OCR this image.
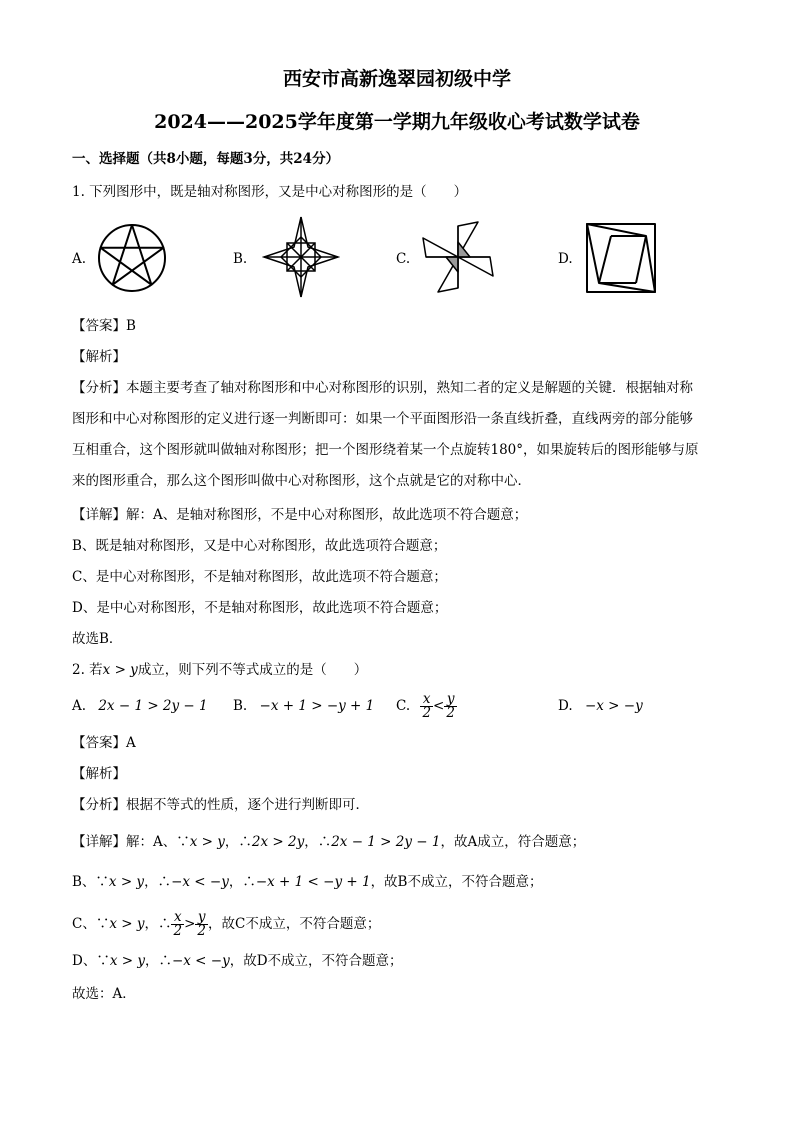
西安市高新逸翠园初级中学
2024——2025学年度第一学期九年级收心考试数学试卷
一、选择题（共8小题，每题3分，共24分）
1. 下列图形中，既是轴对称图形，又是中心对称图形的是（　　）
A.	B.	C.	D.
【答案】B
【解析】
【分析】本题主要考查了轴对称图形和中心对称图形的识别，熟知二者的定义是解题的关键．根据轴对称
图形和中心对称图形的定义进行逐一判断即可：如果一个平面图形沿一条直线折叠，直线两旁的部分能够
互相重合，这个图形就叫做轴对称图形；把一个图形绕着某一个点旋转180°，如果旋转后的图形能够与原
来的图形重合，那么这个图形叫做中心对称图形，这个点就是它的对称中心．
【详解】解：A、是轴对称图形，不是中心对称图形，故此选项不符合题意；
B、既是轴对称图形，又是中心对称图形，故此选项符合题意；
C、是中心对称图形，不是轴对称图形，故此选项不符合题意；
D、是中心对称图形，不是轴对称图形，故此选项不符合题意；
故选B．
2. 若x > y成立，则下列不等式成立的是（　　）
A. 2x − 1 > 2y − 1 B. −x + 1 > −y + 1 C. $\frac{x}{2} < \frac{y}{2}$	D. −x > −y
【答案】A
【解析】
【分析】根据不等式的性质，逐个进行判断即可．
【详解】解：A、∵x > y，∴2x > 2y，∴2x − 1 > 2y − 1，故A成立，符合题意；
B、∵x > y，∴−x < −y，∴−x + 1 < −y + 1，故B不成立，不符合题意；
C、∵x > y，∴ $\frac{x}{2} > \frac{y}{2}$ ，故C不成立，不符合题意；
D、∵x > y，∴−x < −y，故D不成立，不符合题意；
故选：A．
